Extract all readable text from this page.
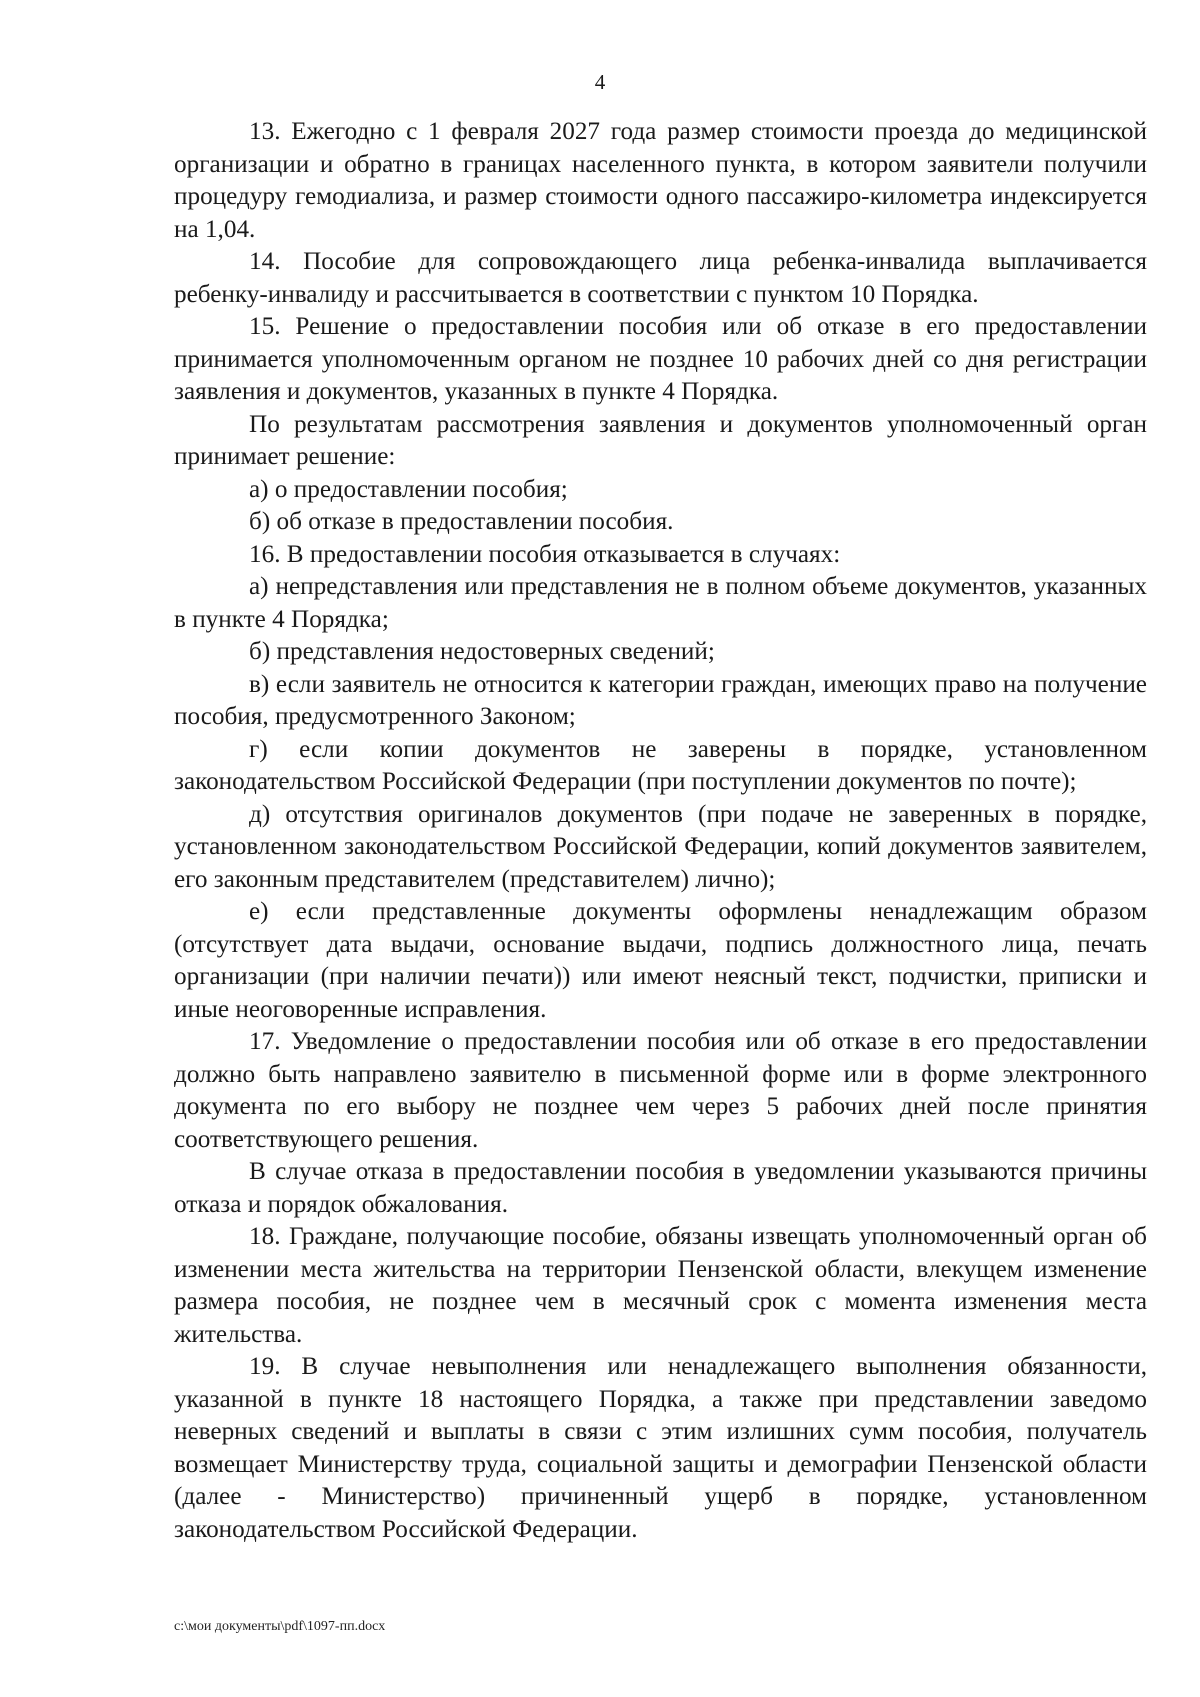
4

13. Ежегодно с 1 февраля 2027 года размер стоимости проезда до медицинской организации и обратно в границах населенного пункта, в котором заявители получили процедуру гемодиализа, и размер стоимости одного пассажиро-километра индексируется на 1,04.

14. Пособие для сопровождающего лица ребенка-инвалида выплачивается ребенку-инвалиду и рассчитывается в соответствии с пунктом 10 Порядка.

15. Решение о предоставлении пособия или об отказе в его предоставлении принимается уполномоченным органом не позднее 10 рабочих дней со дня регистрации заявления и документов, указанных в пункте 4 Порядка.

По результатам рассмотрения заявления и документов уполномоченный орган принимает решение:

а) о предоставлении пособия;

б) об отказе в предоставлении пособия.

16. В предоставлении пособия отказывается в случаях:

а) непредставления или представления не в полном объеме документов, указанных в пункте 4 Порядка;

б) представления недостоверных сведений;

в) если заявитель не относится к категории граждан, имеющих право на получение пособия, предусмотренного Законом;

г) если копии документов не заверены в порядке, установленном законодательством Российской Федерации (при поступлении документов по почте);

д) отсутствия оригиналов документов (при подаче не заверенных в порядке, установленном законодательством Российской Федерации, копий документов заявителем, его законным представителем (представителем) лично);

е) если представленные документы оформлены ненадлежащим образом (отсутствует дата выдачи, основание выдачи, подпись должностного лица, печать организации (при наличии печати)) или имеют неясный текст, подчистки, приписки и иные неоговоренные исправления.

17. Уведомление о предоставлении пособия или об отказе в его предоставлении должно быть направлено заявителю в письменной форме или в форме электронного документа по его выбору не позднее чем через 5 рабочих дней после принятия соответствующего решения.

В случае отказа в предоставлении пособия в уведомлении указываются причины отказа и порядок обжалования.

18. Граждане, получающие пособие, обязаны извещать уполномоченный орган об изменении места жительства на территории Пензенской области, влекущем изменение размера пособия, не позднее чем в месячный срок с момента изменения места жительства.

19. В случае невыполнения или ненадлежащего выполнения обязанности, указанной в пункте 18 настоящего Порядка, а также при представлении заведомо неверных сведений и выплаты в связи с этим излишних сумм пособия, получатель возмещает Министерству труда, социальной защиты и демографии Пензенской области (далее - Министерство) причиненный ущерб в порядке, установленном законодательством Российской Федерации.

c:\мои документы\pdf\1097-пп.docx
